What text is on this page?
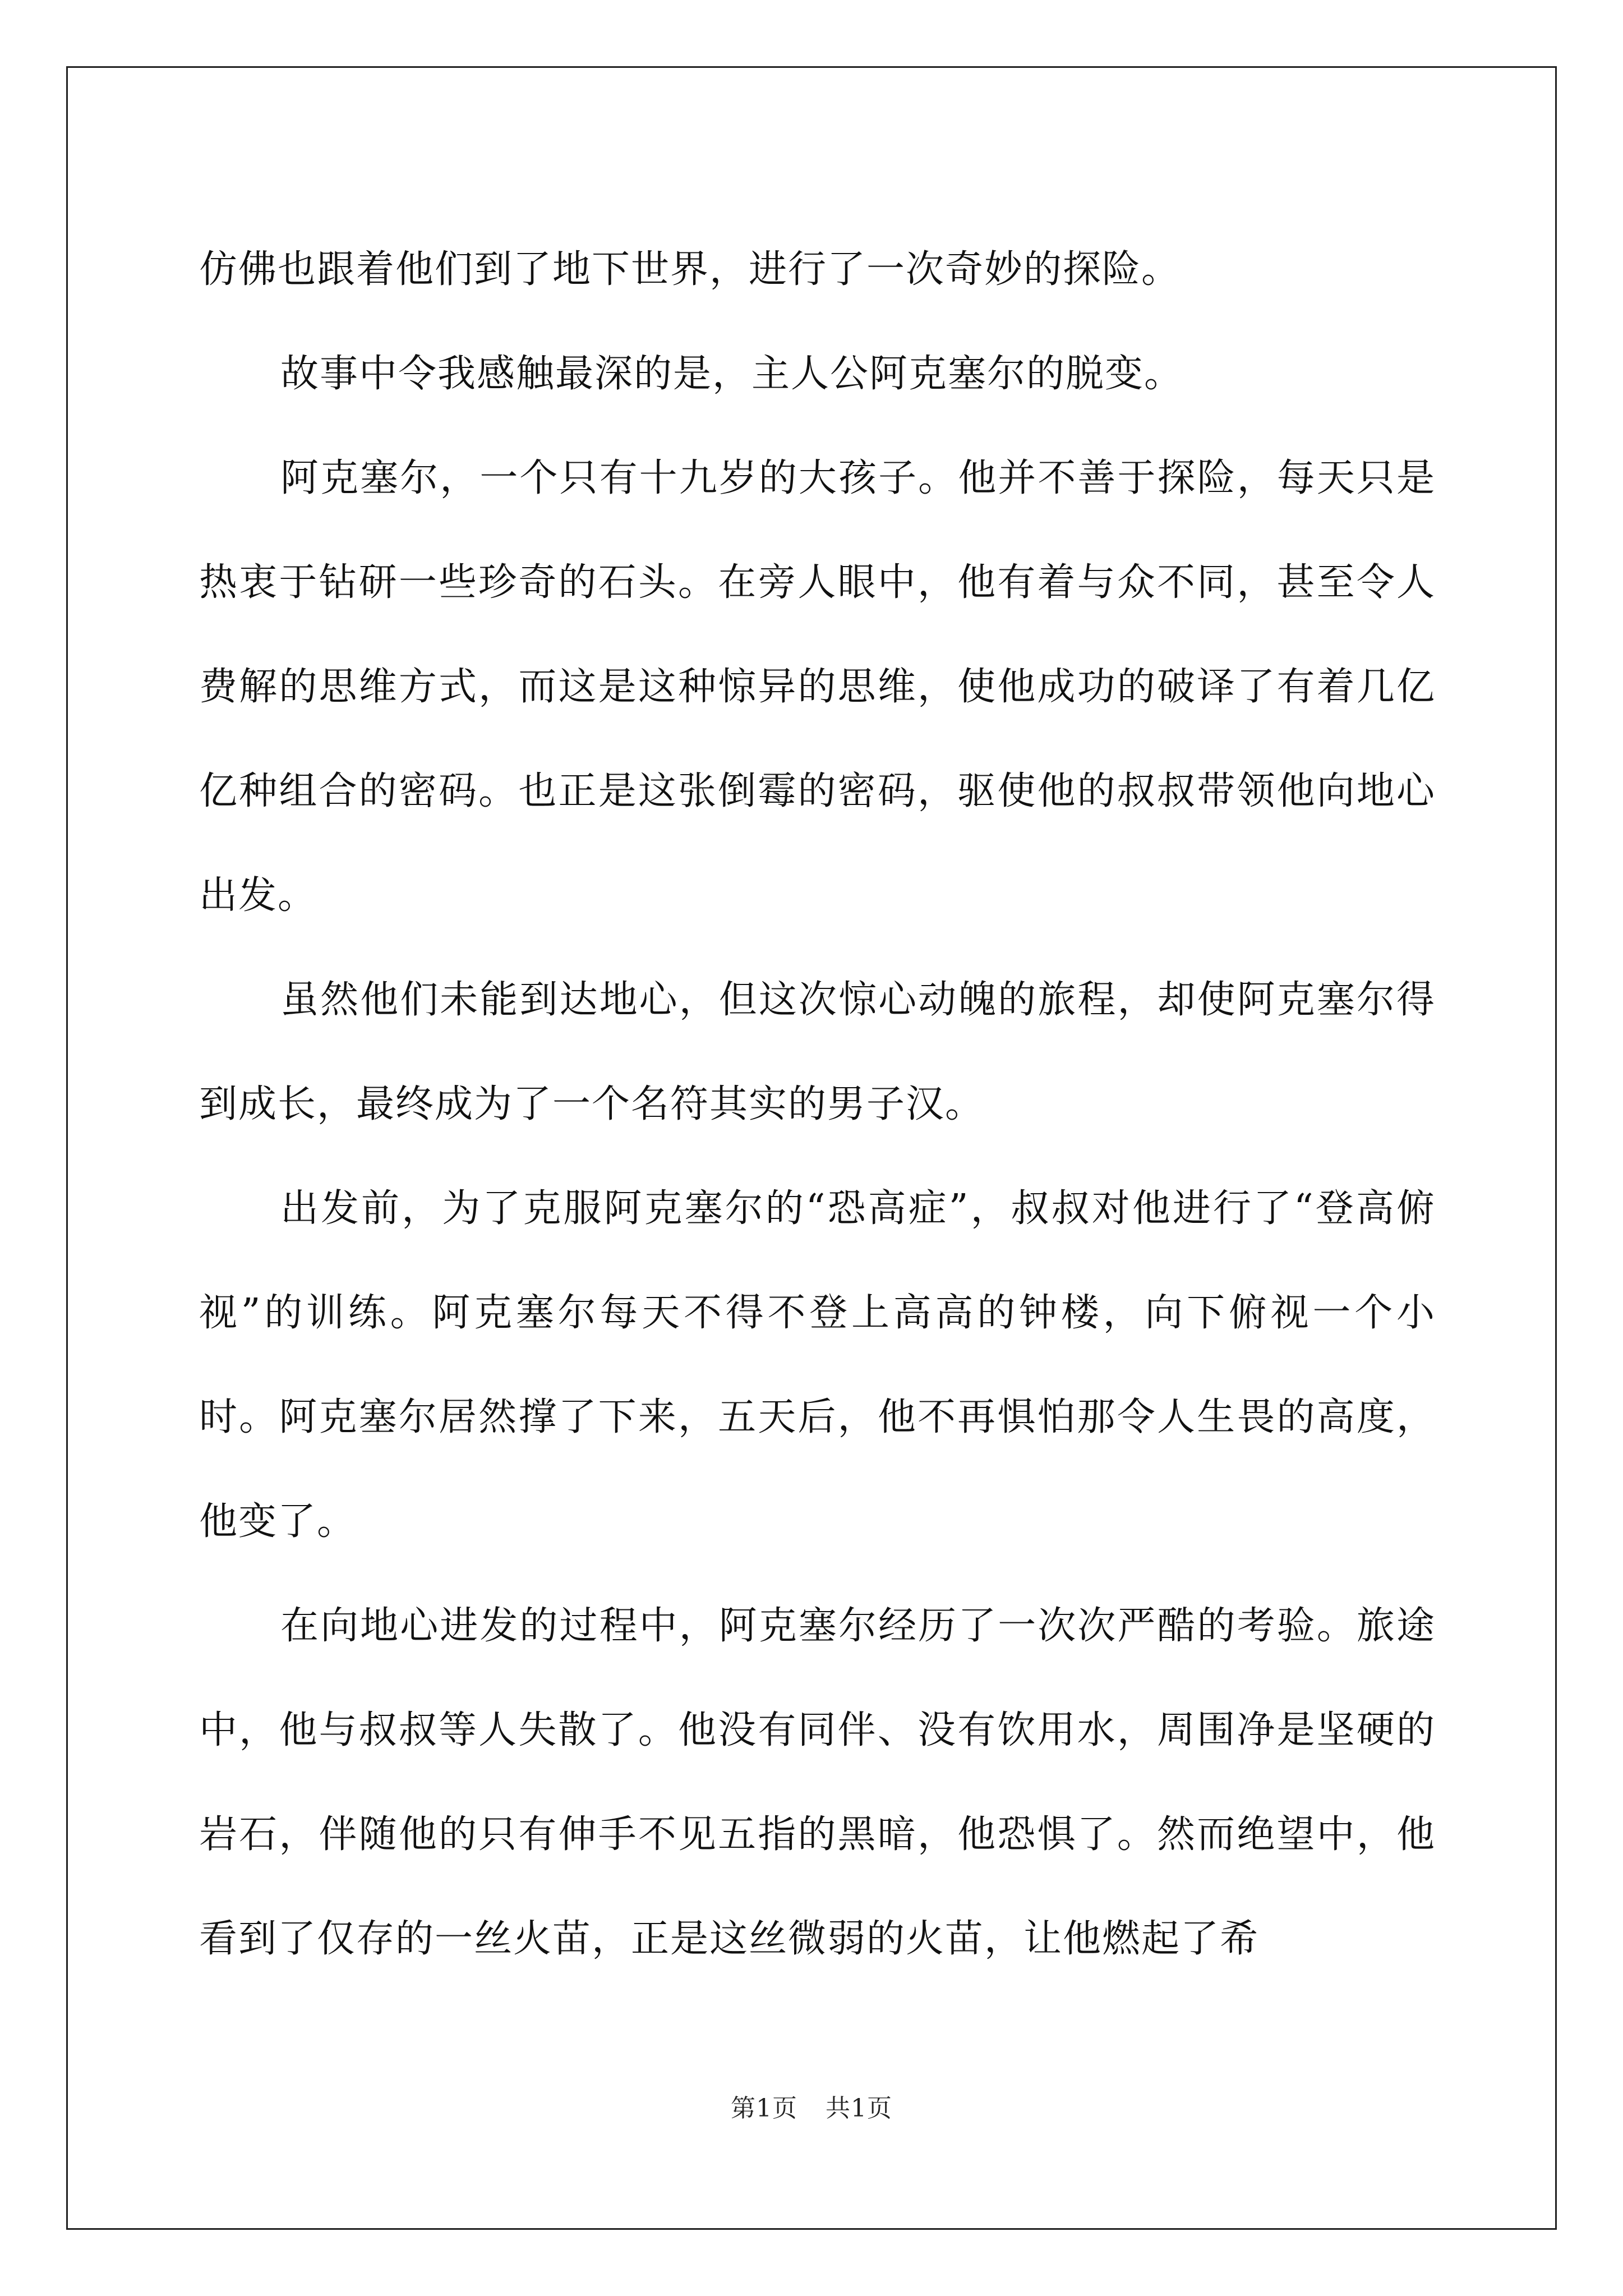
仿佛也跟着他们到了地下世界，进行了一次奇妙的探险。

故事中令我感触最深的是，主人公阿克塞尔的脱变。

阿克塞尔，一个只有十九岁的大孩子。他并不善于探险，每天只是热衷于钻研一些珍奇的石头。在旁人眼中，他有着与众不同，甚至令人费解的思维方式，而这是这种惊异的思维，使他成功的破译了有着几亿亿种组合的密码。也正是这张倒霉的密码，驱使他的叔叔带领他向地心出发。

虽然他们未能到达地心，但这次惊心动魄的旅程，却使阿克塞尔得到成长，最终成为了一个名符其实的男子汉。

出发前，为了克服阿克塞尔的“恐高症”，叔叔对他进行了“登高俯视”的训练。阿克塞尔每天不得不登上高高的钟楼，向下俯视一个小时。阿克塞尔居然撑了下来，五天后，他不再惧怕那令人生畏的高度，他变了。

在向地心进发的过程中，阿克塞尔经历了一次次严酷的考验。旅途中，他与叔叔等人失散了。他没有同伴、没有饮用水，周围净是坚硬的岩石，伴随他的只有伸手不见五指的黑暗，他恐惧了。然而绝望中，他看到了仅存的一丝火苗，正是这丝微弱的火苗，让他燃起了希

第1页 共1页
